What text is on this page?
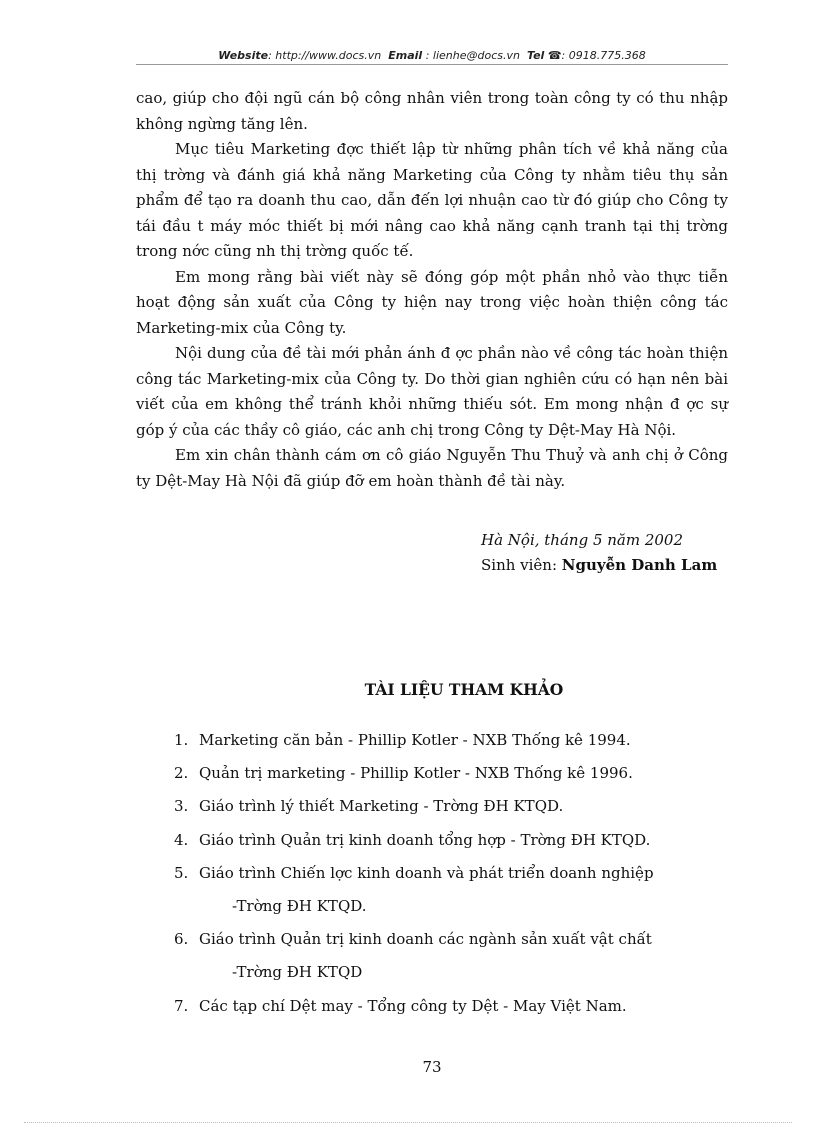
Website: http://www.docs.vn Email : lienhe@docs.vn Tel ☎: 0918.775.368

cao, giúp cho đội ngũ cán bộ công nhân viên trong toàn công ty có thu nhập không ngừng tăng lên.

Mục tiêu Marketing đợc thiết lập từ những phân tích về khả năng của thị trờng và đánh giá khả năng Marketing của Công ty nhằm tiêu thụ sản phẩm để tạo ra doanh thu cao, dẫn đến lợi nhuận cao từ đó giúp cho Công ty tái đầu t máy móc thiết bị mới nâng cao khả năng cạnh tranh tại thị trờng trong nớc cũng nh thị trờng quốc tế.

Em mong rằng bài viết này sẽ đóng góp một phần nhỏ vào thực tiễn hoạt động sản xuất của Công ty hiện nay trong việc hoàn thiện công tác Marketing-mix của Công ty.

Nội dung của đề tài mới phản ánh đ ợc phần nào về công tác hoàn thiện công tác Marketing-mix của Công ty. Do thời gian nghiên cứu có hạn nên bài viết của em không thể tránh khỏi những thiếu sót. Em mong nhận đ ợc sự góp ý của các thầy cô giáo, các anh chị trong Công ty Dệt-May Hà Nội.

Em xin chân thành cám ơn cô giáo Nguyễn Thu Thuỷ và anh chị ở Công ty Dệt-May Hà Nội đã giúp đỡ em hoàn thành đề tài này.

Hà Nội, tháng 5 năm 2002
Sinh viên: Nguyễn Danh Lam
TÀI LIỆU THAM KHẢO
1. Marketing căn bản - Phillip Kotler - NXB Thống kê 1994.
2. Quản trị marketing - Phillip Kotler - NXB Thống kê 1996.
3. Giáo trình lý thiết Marketing - Trờng ĐH KTQD.
4. Giáo trình Quản trị kinh doanh tổng hợp - Trờng ĐH KTQD.
5. Giáo trình Chiến lợc kinh doanh và phát triển doanh nghiệp
-Trờng ĐH KTQD.
6. Giáo trình Quản trị kinh doanh các ngành sản xuất vật chất
-Trờng ĐH KTQD
7. Các tạp chí Dệt may - Tổng công ty Dệt - May Việt Nam.
73
